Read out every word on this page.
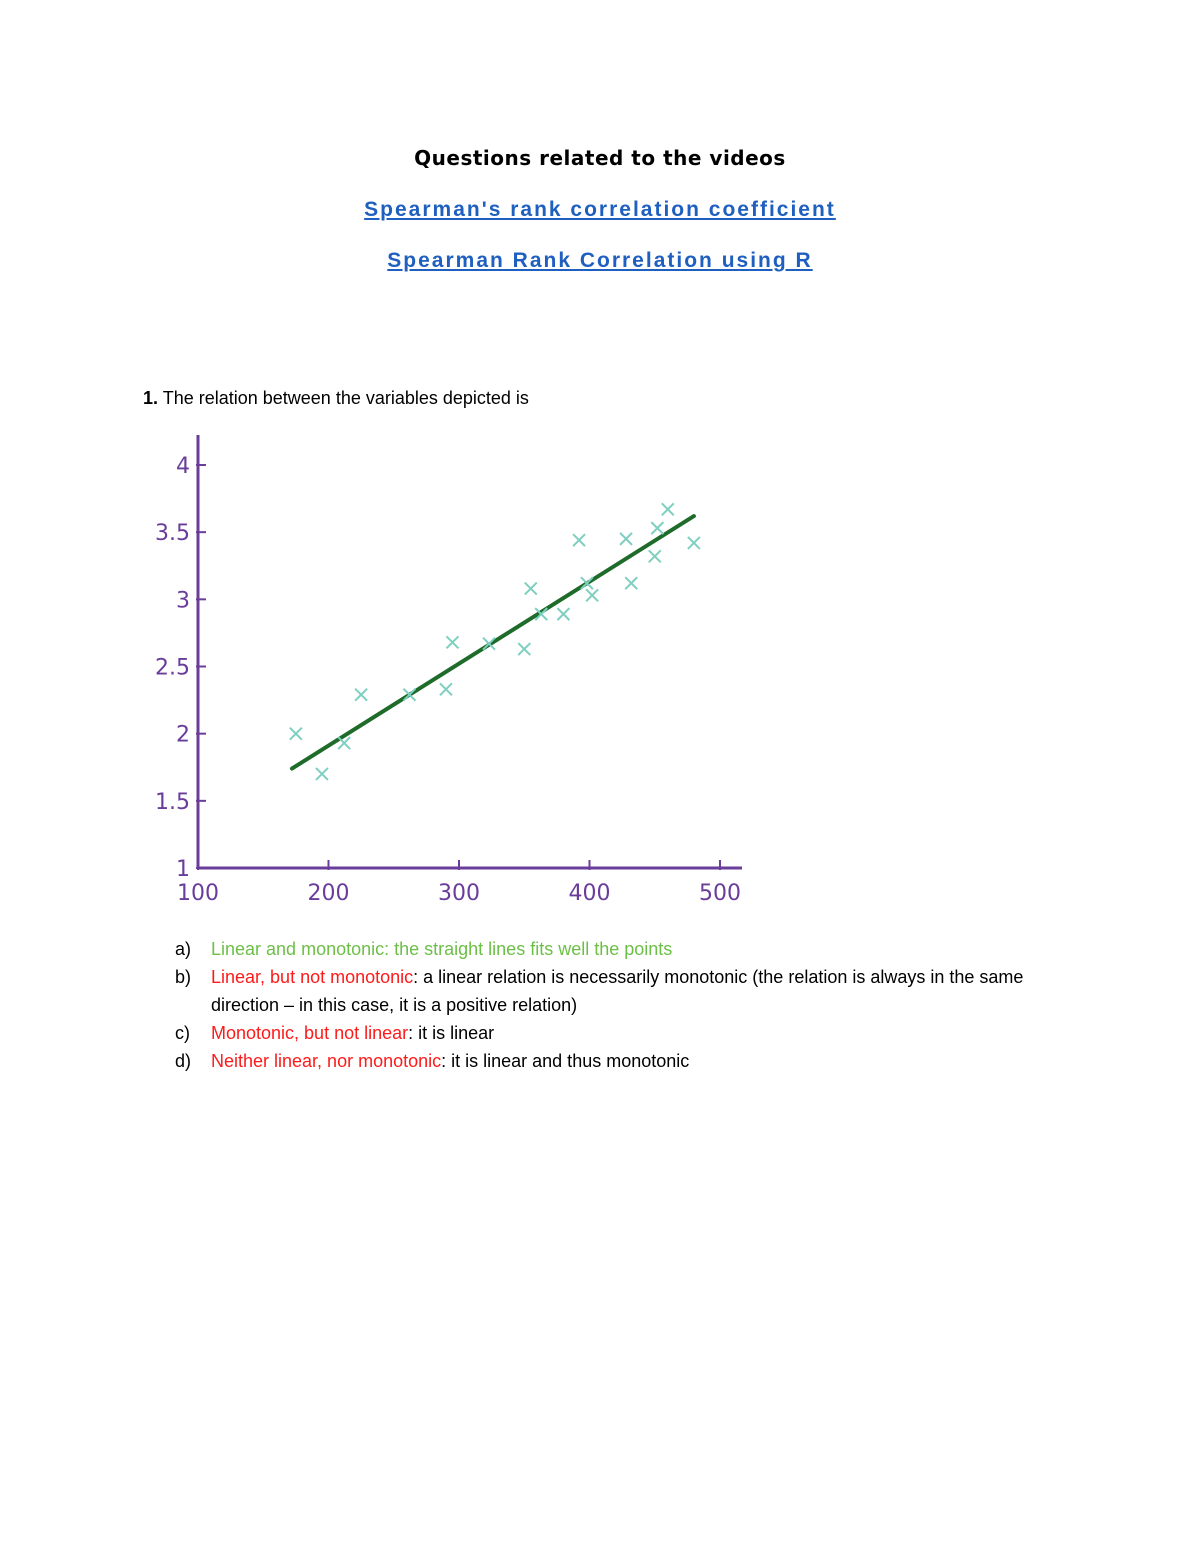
Questions related to the videos
Spearman's rank correlation coefficient
Spearman Rank Correlation using R

1. The relation between the variables depicted is

1
1.5
2
2.5
3
3.5
4
100	200	300	400	500
a)	Linear and monotonic: the straight lines fits well the points
b)	Linear, but not monotonic: a linear relation is necessarily monotonic (the relation is always in the same direction – in this case, it is a positive relation)
c)	Monotonic, but not linear: it is linear
d)	Neither linear, nor monotonic: it is linear and thus monotonic
